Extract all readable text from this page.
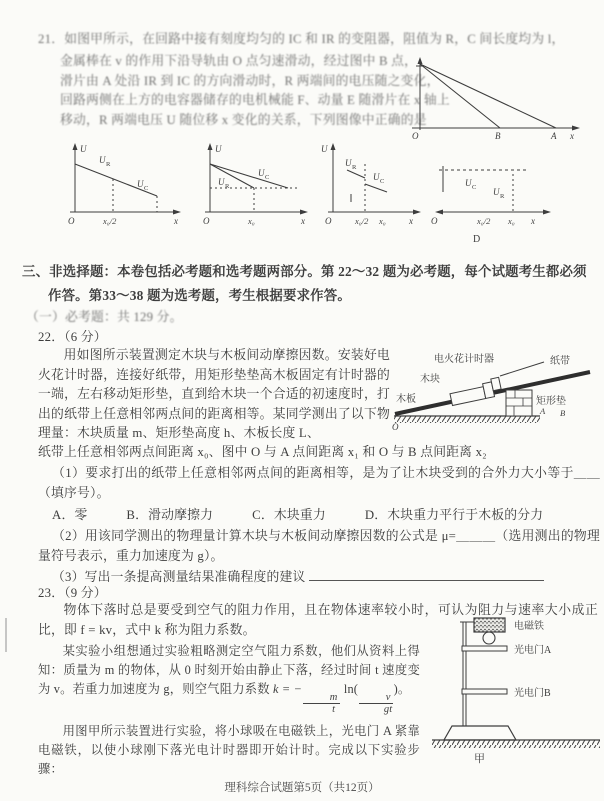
21．如图甲所示，在回路中接有刻度均匀的 IC 和 IR 的变阻器，阻值为 R，C 间长度均为 l，
金属棒在 v 的作用下沿导轨由 O 点匀速滑动，经过图中 B 点，
滑片由 A 处沿 IR 到 IC 的方向滑动时，R 两端间的电压随之变化，
回路两侧在上方的电容器储存的电机械能 F、动量 E 随滑片在 x 轴上
移动，R 两端电压 U 随位移 x 变化的关系，下列图像中正确的是
O	B	A x
U
U R
U C
O	x₀/2	x
U
U R
U C
O	x₀	x
U
U R
U C
O	x₀/2 x₀	x
U C U R
O	x₀/2 x₀ x
D
三、非选择题：本卷包括必考题和选考题两部分。第 22～32 题为必考题，每个试题考生都必须
作答。第33～38 题为选考题，考生根据要求作答。
（一）必考题：共 129 分。
22．（6 分）
用如图所示装置测定木块与木板间动摩擦因数。安装好电火花计时器，连接好纸带，用矩形垫垫高木板固定有计时器的一端，左右移动矩形垫，直到给木块一个合适的初速度时，打出的纸带上任意相邻两点间的距离相等。某同学测出了以下物理量：木块质量 m、矩形垫高度 h、木板长度 L、
纸带上任意相邻两点间距离 x₀、图中 O 与 A 点间距离 x₁ 和 O 与 B 点间距离 x₂
（1）要求打出的纸带上任意相邻两点间的距离相等，是为了让木块受到的合外力大小等于＿＿（填序号）。
A．零　　　B．滑动摩擦力　　　C．木块重力　　　D．木块重力平行于木板的分力
（2）用该同学测出的物理量计算木块与木板间动摩擦因数的公式是 μ=＿＿＿（选用测出的物理量符号表示，重力加速度为 g）。
（3）写出一条提高测量结果准确程度的建议
电火花计时器	纸带
木块
木板	矩形垫
O
A B
23．（9 分）
物体下落时总是要受到空气的阻力作用，且在物体速率较小时，可认为阻力与速率大小成正比，即 f = kv，式中 k 称为阻力系数。
某实验小组想通过实验粗略测定空气阻力系数，他们从资料上得知：质量为 m 的物体，从 0 时刻开始由静止下落，经过时间 t 速度变为 v。若重力加速度为 g，则空气阻力系数 k = −
$\frac{m}{t}$
ln(
$\frac{v}{gt}$
)。
用图甲所示装置进行实验，将小球吸在电磁铁上，光电门 A 紧靠电磁铁，以使小球刚下落光电计时器即开始计时。完成以下实验步骤：
电磁铁
光电门A
光电门B
甲
理科综合试题第5页（共12页）
